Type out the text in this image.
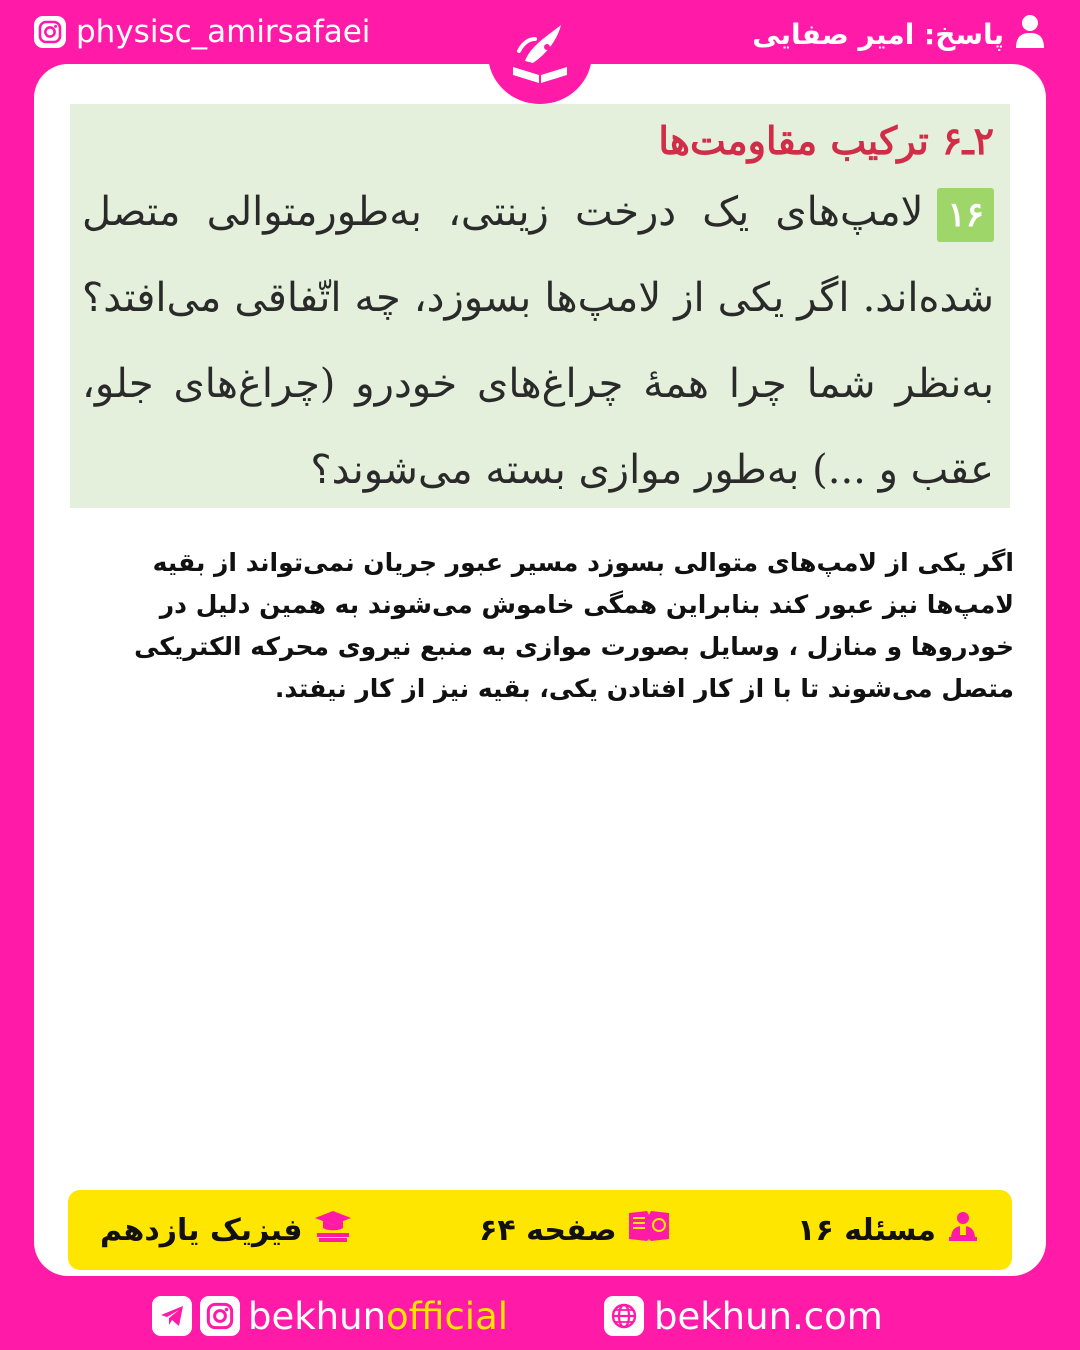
physisc_amirsafaei	پاسخ: امیر صفایی
۲ـ۶ ترکیب مقاومت‌ها
۱۶لامپ‌های یک درخت زینتی، به‌طورمتوالی متصل شده‌اند. اگر یکی از لامپ‌ها بسوزد، چه اتّفاقی می‌افتد؟ به‌نظر شما چرا همهٔ چراغ‌های خودرو (چراغ‌های جلو، عقب و ...) به‌طور موازی بسته می‌شوند؟
اگر یکی از لامپ‌های متوالی بسوزد مسیر عبور جریان نمی‌تواند از بقیه لامپ‌ها نیز عبور کند بنابراین همگی خاموش می‌شوند به همین دلیل در خودروها و منازل ، وسایل بصورت موازی به منبع نیروی محرکه الکتریکی متصل می‌شوند تا با از کار افتادن یکی، بقیه نیز از کار نیفتد.
مسئله ۱۶
صفحه ۶۴
فیزیک یازدهم
bekhunofficial	bekhun.com
